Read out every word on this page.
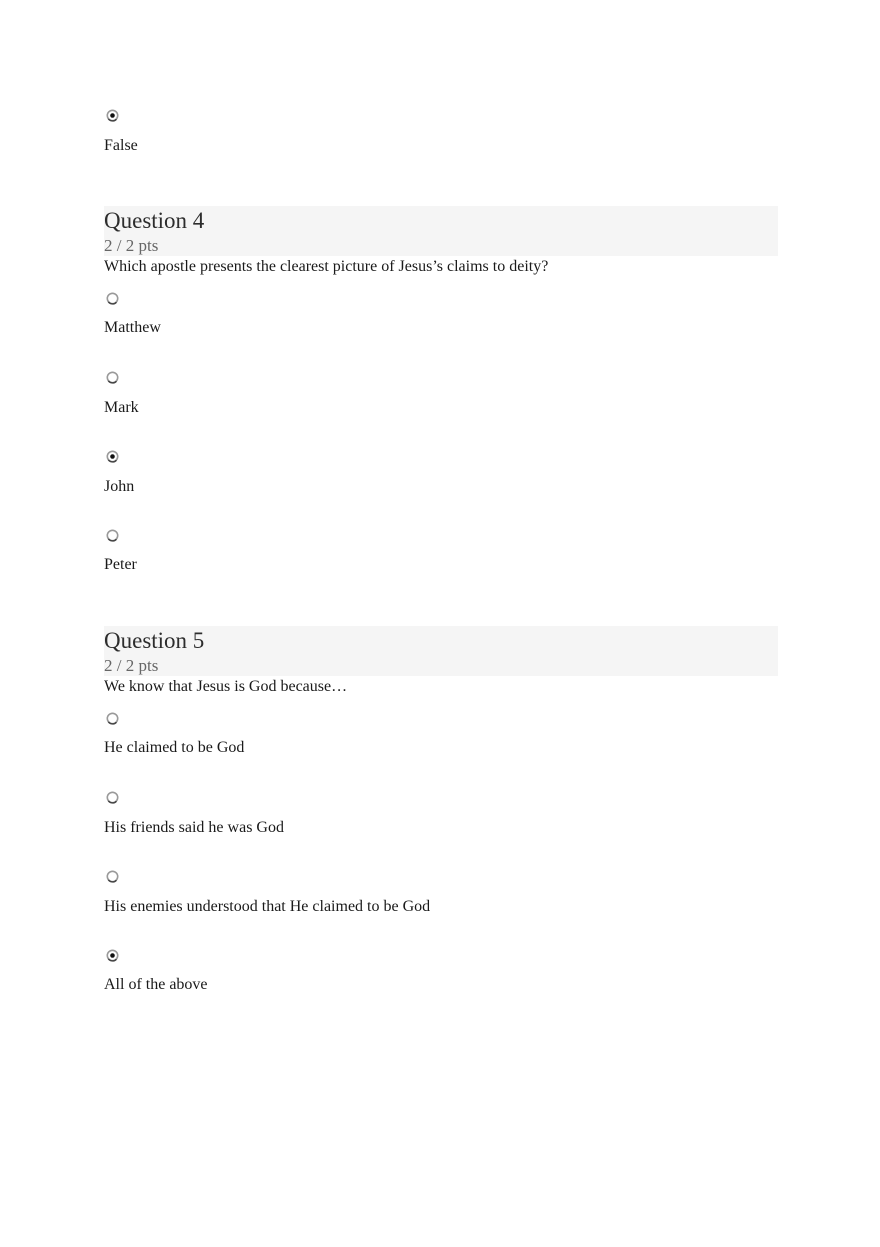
False
Question 4
2 / 2 pts
Which apostle presents the clearest picture of Jesus’s claims to deity?
Matthew
Mark
John
Peter
Question 5
2 / 2 pts
We know that Jesus is God because…
He claimed to be God
His friends said he was God
His enemies understood that He claimed to be God
All of the above
